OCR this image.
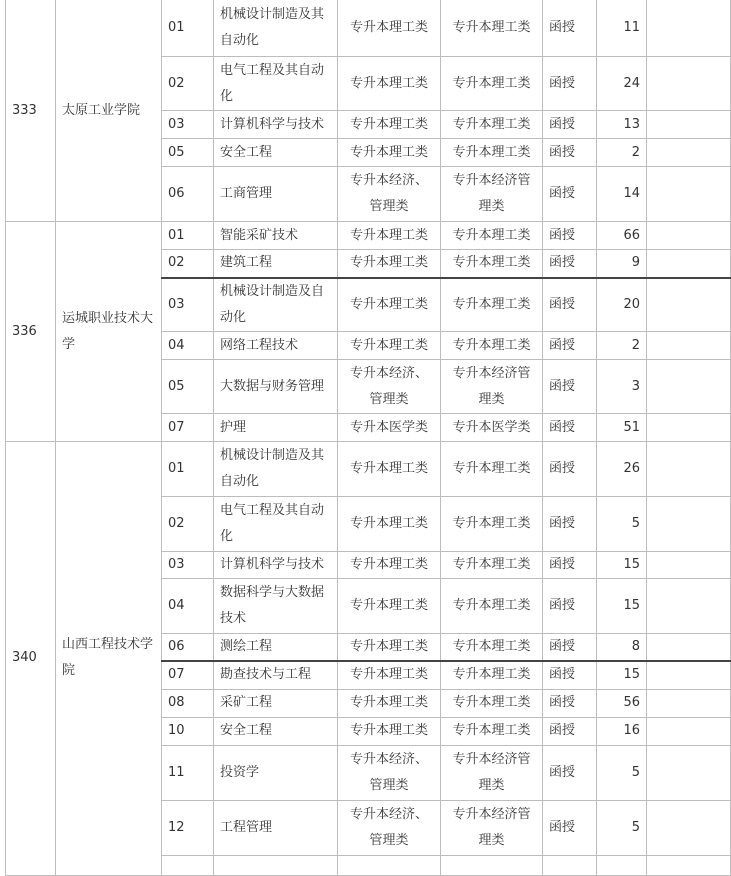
333	太原工业学院	01	机械设计制造及其自动化	专升本理工类	专升本理工类	函授	11	
		02	电气工程及其自动化	专升本理工类	专升本理工类	函授	24	
		03	计算机科学与技术	专升本理工类	专升本理工类	函授	13	
		05	安全工程	专升本理工类	专升本理工类	函授	2	
		06	工商管理	专升本经济、管理类	专升本经济管理类	函授	14	
336	运城职业技术大学	01	智能采矿技术	专升本理工类	专升本理工类	函授	66	
		02	建筑工程	专升本理工类	专升本理工类	函授	9	
		03	机械设计制造及自动化	专升本理工类	专升本理工类	函授	20	
		04	网络工程技术	专升本理工类	专升本理工类	函授	2	
		05	大数据与财务管理	专升本经济、管理类	专升本经济管理类	函授	3	
		07	护理	专升本医学类	专升本医学类	函授	51	
340	山西工程技术学院	01	机械设计制造及其自动化	专升本理工类	专升本理工类	函授	26	
		02	电气工程及其自动化	专升本理工类	专升本理工类	函授	5	
		03	计算机科学与技术	专升本理工类	专升本理工类	函授	15	
		04	数据科学与大数据技术	专升本理工类	专升本理工类	函授	15	
		06	测绘工程	专升本理工类	专升本理工类	函授	8	
		07	勘查技术与工程	专升本理工类	专升本理工类	函授	15	
		08	采矿工程	专升本理工类	专升本理工类	函授	56	
		10	安全工程	专升本理工类	专升本理工类	函授	16	
		11	投资学	专升本经济、管理类	专升本经济管理类	函授	5	
		12	工程管理	专升本经济、管理类	专升本经济管理类	函授	5	
